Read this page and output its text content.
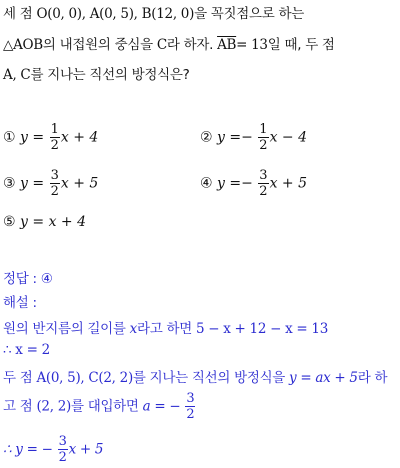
세 점 O(0, 0), A(0, 5), B(12, 0)을 꼭짓점으로 하는
△AOB의 내접원의 중심을 C라 하자. $\overline{AB}= 13$일 때, 두 점
A, C를 지나는 직선의 방정식은?
① $y = \frac{1}{2}$ x + 4	② $y =- \frac{1}{2}$ x − 4
③ $y = \frac{3}{2}$ x + 5	④ $y =- \frac{3}{2}$ x + 5
⑤ y = x + 4
정답 : ④
해설 :
원의 반지름의 길이를 x라고 하면 5 − x + 12 − x = 13
∴ x = 2
두 점 A(0, 5), C(2, 2)를 지나는 직선의 방정식을 y = ax + 5라 하
고 점 (2, 2)를 대입하면 a = − $\frac{3}{2}$
∴ y = − $\frac{3}{2}$ x + 5
